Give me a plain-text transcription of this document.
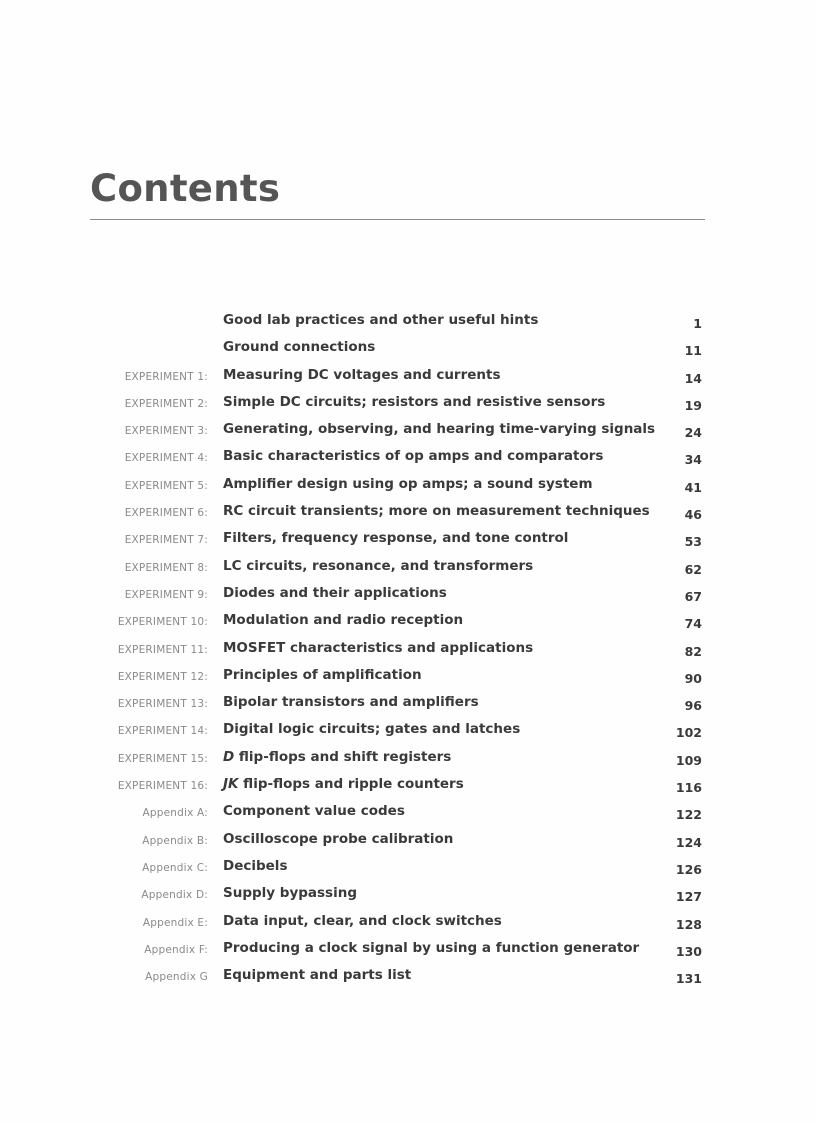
Contents
Good lab practices and other useful hints	1
Ground connections	11
EXPERIMENT 1: Measuring DC voltages and currents	14
EXPERIMENT 2: Simple DC circuits; resistors and resistive sensors	19
EXPERIMENT 3: Generating, observing, and hearing time-varying signals 24
EXPERIMENT 4: Basic characteristics of op amps and comparators	34
EXPERIMENT 5: Amplifier design using op amps; a sound system	41
EXPERIMENT 6: RC circuit transients; more on measurement techniques	46
EXPERIMENT 7: Filters, frequency response, and tone control	53
EXPERIMENT 8: LC circuits, resonance, and transformers	62
EXPERIMENT 9: Diodes and their applications	67
EXPERIMENT 10: Modulation and radio reception	74
EXPERIMENT 11: MOSFET characteristics and applications	82
EXPERIMENT 12: Principles of amplification	90
EXPERIMENT 13: Bipolar transistors and amplifiers	96
EXPERIMENT 14: Digital logic circuits; gates and latches	102
EXPERIMENT 15: D flip-flops and shift registers	109
EXPERIMENT 16: JK flip-flops and ripple counters	116
Appendix A: Component value codes	122
Appendix B: Oscilloscope probe calibration	124
Appendix C: Decibels	126
Appendix D: Supply bypassing	127
Appendix E: Data input, clear, and clock switches	128
Appendix F: Producing a clock signal by using a function generator	130
Appendix G Equipment and parts list	131
